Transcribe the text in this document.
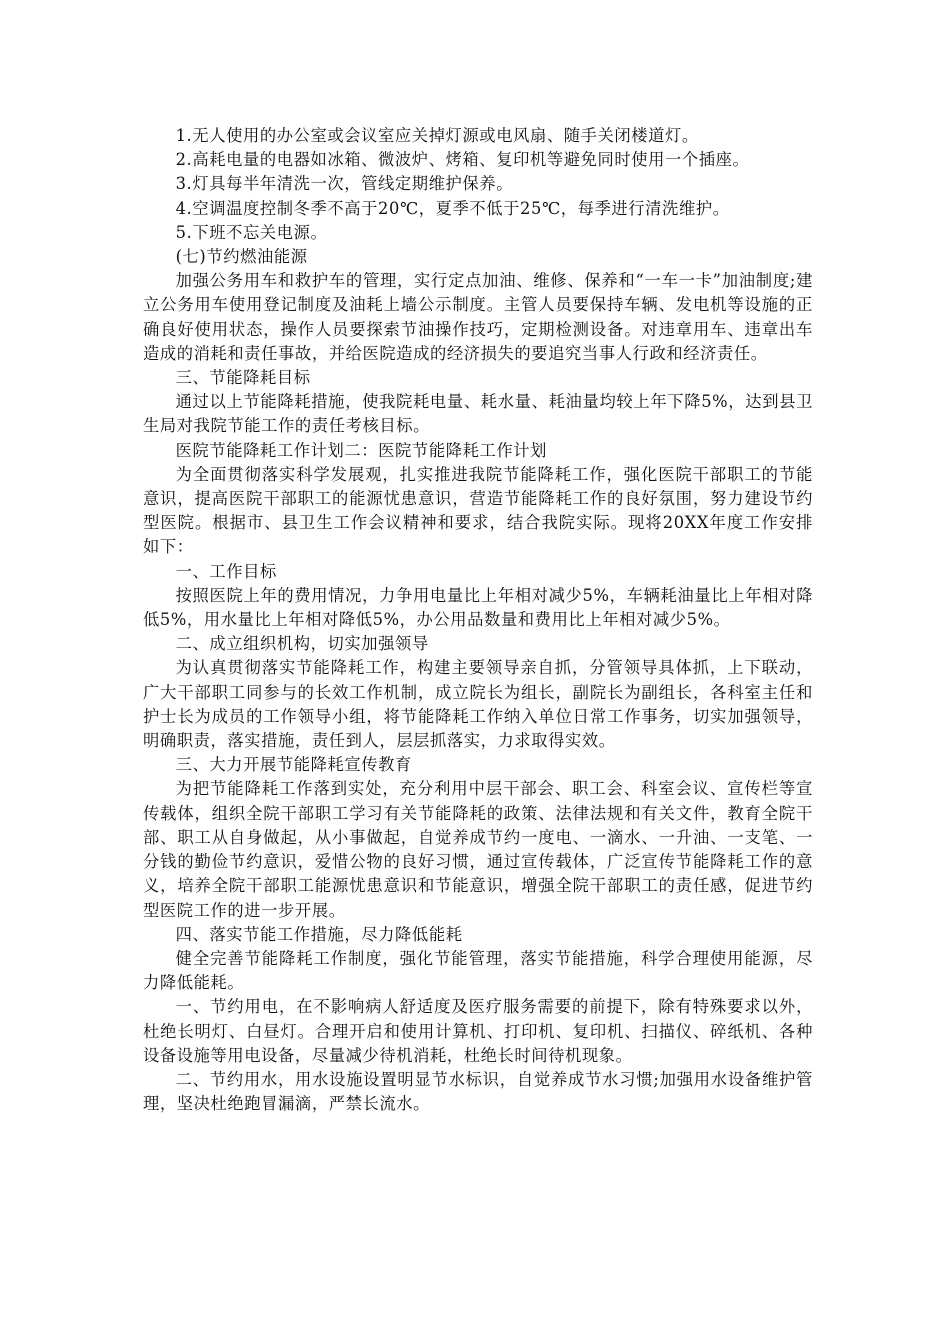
1.无人使用的办公室或会议室应关掉灯源或电风扇、随手关闭楼道灯。

2.高耗电量的电器如冰箱、微波炉、烤箱、复印机等避免同时使用一个插座。

3.灯具每半年清洗一次，管线定期维护保养。

4.空调温度控制冬季不高于20℃，夏季不低于25℃，每季进行清洗维护。

5.下班不忘关电源。

(七)节约燃油能源

加强公务用车和救护车的管理，实行定点加油、维修、保养和“一车一卡”加油制度;建立公务用车使用登记制度及油耗上墙公示制度。主管人员要保持车辆、发电机等设施的正确良好使用状态，操作人员要探索节油操作技巧，定期检测设备。对违章用车、违章出车造成的消耗和责任事故，并给医院造成的经济损失的要追究当事人行政和经济责任。

三、节能降耗目标

通过以上节能降耗措施，使我院耗电量、耗水量、耗油量均较上年下降5%，达到县卫生局对我院节能工作的责任考核目标。

医院节能降耗工作计划二：医院节能降耗工作计划

为全面贯彻落实科学发展观，扎实推进我院节能降耗工作，强化医院干部职工的节能意识，提高医院干部职工的能源忧患意识，营造节能降耗工作的良好氛围，努力建设节约型医院。根据市、县卫生工作会议精神和要求，结合我院实际。现将20XX年度工作安排如下：

一、工作目标

按照医院上年的费用情况，力争用电量比上年相对减少5%，车辆耗油量比上年相对降低5%，用水量比上年相对降低5%，办公用品数量和费用比上年相对减少5%。

二、成立组织机构，切实加强领导

为认真贯彻落实节能降耗工作，构建主要领导亲自抓，分管领导具体抓，上下联动，广大干部职工同参与的长效工作机制，成立院长为组长，副院长为副组长，各科室主任和护士长为成员的工作领导小组，将节能降耗工作纳入单位日常工作事务，切实加强领导，明确职责，落实措施，责任到人，层层抓落实，力求取得实效。

三、大力开展节能降耗宣传教育

为把节能降耗工作落到实处，充分利用中层干部会、职工会、科室会议、宣传栏等宣传载体，组织全院干部职工学习有关节能降耗的政策、法律法规和有关文件，教育全院干部、职工从自身做起，从小事做起，自觉养成节约一度电、一滴水、一升油、一支笔、一分钱的勤俭节约意识，爱惜公物的良好习惯，通过宣传载体，广泛宣传节能降耗工作的意义，培养全院干部职工能源忧患意识和节能意识，增强全院干部职工的责任感，促进节约型医院工作的进一步开展。

四、落实节能工作措施，尽力降低能耗

健全完善节能降耗工作制度，强化节能管理，落实节能措施，科学合理使用能源，尽力降低能耗。

一、节约用电，在不影响病人舒适度及医疗服务需要的前提下，除有特殊要求以外，杜绝长明灯、白昼灯。合理开启和使用计算机、打印机、复印机、扫描仪、碎纸机、各种设备设施等用电设备，尽量减少待机消耗，杜绝长时间待机现象。

二、节约用水，用水设施设置明显节水标识，自觉养成节水习惯;加强用水设备维护管理，坚决杜绝跑冒漏滴，严禁长流水。
